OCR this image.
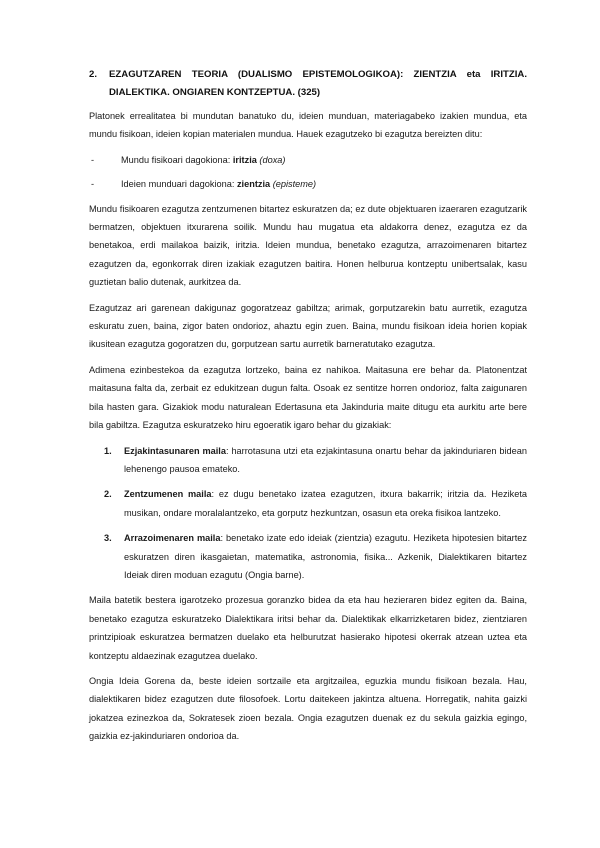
2.	EZAGUTZAREN TEORIA (DUALISMO EPISTEMOLOGIKOA): ZIENTZIA eta IRITZIA. DIALEKTIKA. ONGIAREN KONTZEPTUA. (325)

Platonek errealitatea bi mundutan banatuko du, ideien munduan, materiagabeko izakien mundua, eta mundu fisikoan, ideien kopian materialen mundua. Hauek ezagutzeko bi ezagutza bereizten ditu:

-	Mundu fisikoari dagokiona: iritzia (doxa)
-	Ideien munduari dagokiona: zientzia (episteme)

Mundu fisikoaren ezagutza zentzumenen bitartez eskuratzen da; ez dute objektuaren izaeraren ezagutzarik bermatzen, objektuen itxurarena soilik. Mundu hau mugatua eta aldakorra denez, ezagutza ez da benetakoa, erdi mailakoa baizik, iritzia. Ideien mundua, benetako ezagutza, arrazoimenaren bitartez ezagutzen da, egonkorrak diren izakiak ezagutzen baitira. Honen helburua kontzeptu unibertsalak, kasu guztietan balio dutenak, aurkitzea da.

Ezagutzaz ari garenean dakigunaz gogoratzeaz gabiltza; arimak, gorputzarekin batu aurretik, ezagutza eskuratu zuen, baina, zigor baten ondorioz, ahaztu egin zuen. Baina, mundu fisikoan ideia horien kopiak ikusitean ezagutza gogoratzen du, gorputzean sartu aurretik barneratutako ezagutza.

Adimena ezinbestekoa da ezagutza lortzeko, baina ez nahikoa. Maitasuna ere behar da. Platonentzat maitasuna falta da, zerbait ez edukitzean dugun falta. Osoak ez sentitze horren ondorioz, falta zaigunaren bila hasten gara. Gizakiok modu naturalean Edertasuna eta Jakinduria maite ditugu eta aurkitu arte bere bila gabiltza. Ezagutza eskuratzeko hiru egoeratik igaro behar du gizakiak:

1.	Ezjakintasunaren maila: harrotasuna utzi eta ezjakintasuna onartu behar da jakinduriaren bidean lehenengo pausoa emateko.
2.	Zentzumenen maila: ez dugu benetako izatea ezagutzen, itxura bakarrik; iritzia da. Heziketa musikan, ondare moralalantzeko, eta gorputz hezkuntzan, osasun eta oreka fisikoa lantzeko.
3.	Arrazoimenaren maila: benetako izate edo ideiak (zientzia) ezagutu. Heziketa hipotesien bitartez eskuratzen diren ikasgaietan, matematika, astronomia, fisika... Azkenik, Dialektikaren bitartez Ideiak diren moduan ezagutu (Ongia barne).

Maila batetik bestera igarotzeko prozesua goranzko bidea da eta hau hezieraren bidez egiten da. Baina, benetako ezagutza eskuratzeko Dialektikara iritsi behar da. Dialektikak elkarrizketaren bidez, zientziaren printzipioak eskuratzea bermatzen duelako eta helburutzat hasierako hipotesi okerrak atzean uztea eta kontzeptu aldaezinak ezagutzea duelako.

Ongia Ideia Gorena da, beste ideien sortzaile eta argitzailea, eguzkia mundu fisikoan bezala. Hau, dialektikaren bidez ezagutzen dute filosofoek. Lortu daitekeen jakintza altuena. Horregatik, nahita gaizki jokatzea ezinezkoa da, Sokratesek zioen bezala. Ongia ezagutzen duenak ez du sekula gaizkia egingo, gaizkia ez-jakinduriaren ondorioa da.
